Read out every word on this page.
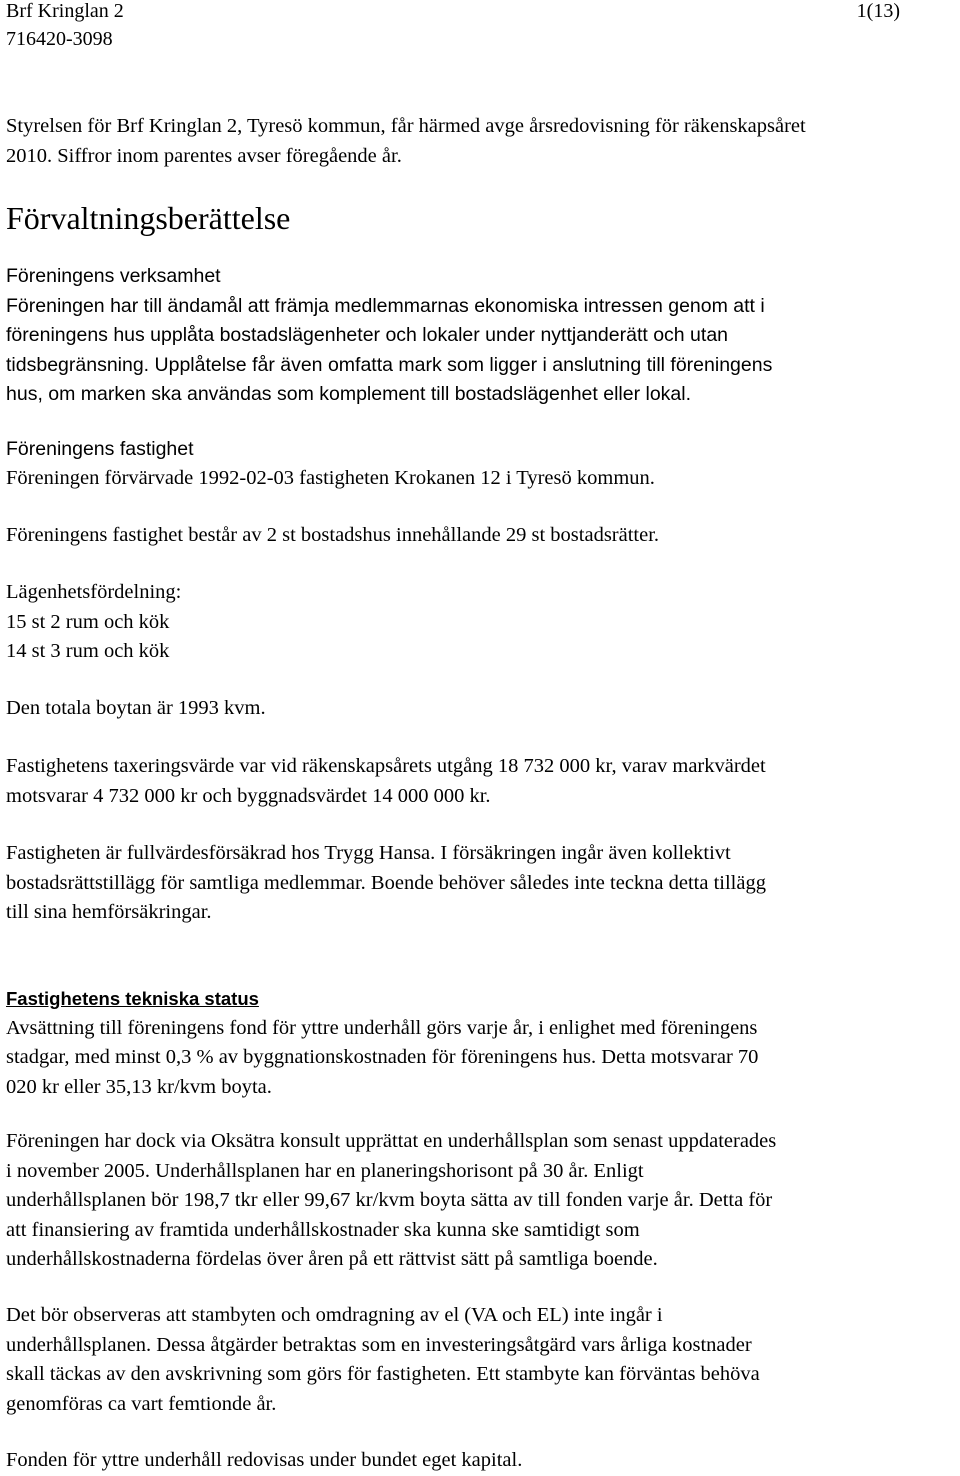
Brf Kringlan 2
716420-3098
1(13)

Styrelsen för Brf Kringlan 2, Tyresö kommun, får härmed avge årsredovisning för räkenskapsåret

2010. Siffror inom parentes avser föregående år.

Förvaltningsberättelse

Föreningens verksamhet

Föreningen har till ändamål att främja medlemmarnas ekonomiska intressen genom att i

föreningens hus upplåta bostadslägenheter och lokaler under nyttjanderätt och utan

tidsbegränsning. Upplåtelse får även omfatta mark som ligger i anslutning till föreningens

hus, om marken ska användas som komplement till bostadslägenhet eller lokal.

Föreningens fastighet
Föreningen förvärvade 1992-02-03 fastigheten Krokanen 12 i Tyresö kommun.
Föreningens fastighet består av 2 st bostadshus innehållande 29 st bostadsrätter.

Lägenhetsfördelning:

15 st 2 rum och kök

14 st 3 rum och kök

Den totala boytan är 1993 kvm.

Fastighetens taxeringsvärde var vid räkenskapsårets utgång 18 732 000 kr, varav markvärdet

motsvarar 4 732 000 kr och byggnadsvärdet 14 000 000 kr.

Fastigheten är fullvärdesförsäkrad hos Trygg Hansa. I försäkringen ingår även kollektivt

bostadsrättstillägg för samtliga medlemmar. Boende behöver således inte teckna detta tillägg

till sina hemförsäkringar.

Fastighetens tekniska status

Avsättning till föreningens fond för yttre underhåll görs varje år, i enlighet med föreningens

stadgar, med minst 0,3 % av byggnationskostnaden för föreningens hus. Detta motsvarar 70

020 kr eller 35,13 kr/kvm boyta.

Föreningen har dock via Oksätra konsult upprättat en underhållsplan som senast uppdaterades

i november 2005. Underhållsplanen har en planeringshorisont på 30 år. Enligt

underhållsplanen bör 198,7 tkr eller 99,67 kr/kvm boyta sätta av till fonden varje år. Detta för

att finansiering av framtida underhållskostnader ska kunna ske samtidigt som

underhållskostnaderna fördelas över åren på ett rättvist sätt på samtliga boende.

Det bör observeras att stambyten och omdragning av el (VA och EL) inte ingår i

underhållsplanen. Dessa åtgärder betraktas som en investeringsåtgärd vars årliga kostnader

skall täckas av den avskrivning som görs för fastigheten. Ett stambyte kan förväntas behöva

genomföras ca vart femtionde år.

Fonden för yttre underhåll redovisas under bundet eget kapital.
